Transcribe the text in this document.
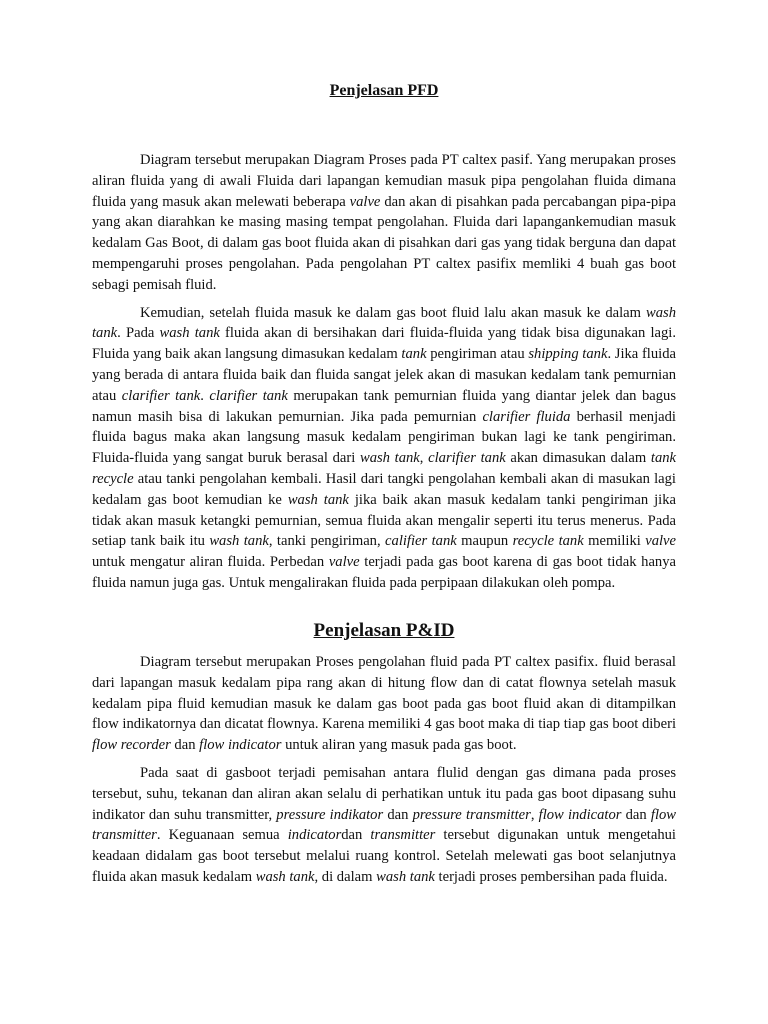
Penjelasan PFD

Diagram tersebut merupakan Diagram Proses pada PT caltex pasif. Yang merupakan proses aliran fluida yang di awali Fluida dari lapangan kemudian masuk pipa pengolahan fluida dimana fluida yang masuk akan melewati beberapa valve dan akan di pisahkan pada percabangan pipa-pipa yang akan diarahkan ke masing masing tempat pengolahan. Fluida dari lapangankemudian masuk kedalam Gas Boot, di dalam gas boot fluida akan di pisahkan dari gas yang tidak berguna dan dapat mempengaruhi proses pengolahan. Pada pengolahan PT caltex pasifix memliki 4 buah gas boot sebagi pemisah fluid.

Kemudian, setelah fluida masuk ke dalam gas boot fluid lalu akan masuk ke dalam wash tank. Pada wash tank fluida akan di bersihakan dari fluida-fluida yang tidak bisa digunakan lagi. Fluida yang baik akan langsung dimasukan kedalam tank pengiriman atau shipping tank. Jika fluida yang berada di antara fluida baik dan fluida sangat jelek akan di masukan kedalam tank pemurnian atau clarifier tank. clarifier tank merupakan tank pemurnian fluida yang diantar jelek dan bagus namun masih bisa di lakukan pemurnian. Jika pada pemurnian clarifier fluida berhasil menjadi fluida bagus maka akan langsung masuk kedalam pengiriman bukan lagi ke tank pengiriman. Fluida-fluida yang sangat buruk berasal dari wash tank, clarifier tank akan dimasukan dalam tank recycle atau tanki pengolahan kembali. Hasil dari tangki pengolahan kembali akan di masukan lagi kedalam gas boot kemudian ke wash tank jika baik akan masuk kedalam tanki pengiriman jika tidak akan masuk ketangki pemurnian, semua fluida akan mengalir seperti itu terus menerus. Pada setiap tank baik itu wash tank, tanki pengiriman, califier tank maupun recycle tank memiliki valve untuk mengatur aliran fluida. Perbedan valve terjadi pada gas boot karena di gas boot tidak hanya fluida namun juga gas. Untuk mengalirakan fluida pada perpipaan dilakukan oleh pompa.

Penjelasan P&ID

Diagram tersebut merupakan Proses pengolahan fluid pada PT caltex pasifix. fluid berasal dari lapangan masuk kedalam pipa rang akan di hitung flow dan di catat flownya setelah masuk kedalam pipa fluid kemudian masuk ke dalam gas boot pada gas boot fluid akan di ditampilkan flow indikatornya dan dicatat flownya. Karena memiliki 4 gas boot maka di tiap tiap gas boot diberi flow recorder dan flow indicator untuk aliran yang masuk pada gas boot.

Pada saat di gasboot terjadi pemisahan antara flulid dengan gas dimana pada proses tersebut, suhu, tekanan dan aliran akan selalu di perhatikan untuk itu pada gas boot dipasang suhu indikator dan suhu transmitter, pressure indikator dan pressure transmitter, flow indicator dan flow transmitter. Keguanaan semua indicatordan transmitter tersebut digunakan untuk mengetahui keadaan didalam gas boot tersebut melalui ruang kontrol. Setelah melewati gas boot selanjutnya fluida akan masuk kedalam wash tank, di dalam wash tank terjadi proses pembersihan pada fluida.
